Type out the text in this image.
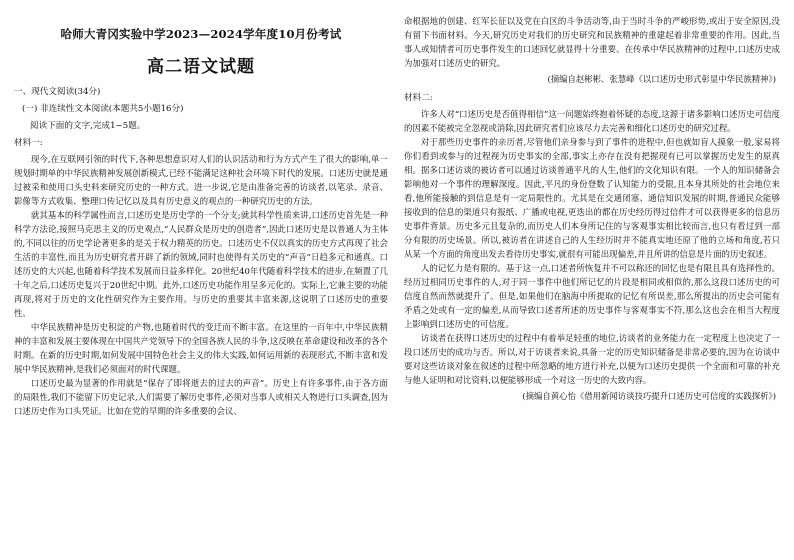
哈师大青冈实验中学2023—2024学年度10月份考试
高二语文试题
一、现代文阅读(34分)
(一) 非连续性文本阅读(本题共5小题16分)
阅读下面的文字,完成1~5题。
材料一:

现今,在互联网引领的时代下,各种思想意识对人们的认识活动和行为方式产生了很大的影响,单一规划时期单的中华民族精神发展创新模式,已经不能满足这种社会环境下时代的发展。口述历史就是通过被采和使用口头史料来研究历史的一种方式。进一步说,它是由准备完善的访谈者,以笔录、录音、影像等方式收集、整理口传记忆以及具有历史意义的观点的一种研究历史的方法。

就其基本的科学属性而言,口述历史是历史学的一个分支;就其科学性质来讲,口述历史首先是一种科学方法论,接照马克思主义的历史观点,“人民群众是历史的创造者”,因此口述历史是以普通人为主体的,不同以往的历史学论著更多的是关于权力精英的历史。口述历史不仅以真实的历史方式再现了社会生活的丰富性,而且为历史研究者开辟了新的领域,同时也使得有关历史的“声音”日趋多元和通真。口述历史的大兴起,也随着科学技术发展而日益多样化。20世纪40年代随着科学技术的进步,在频置了几十年之后,口述历史复兴于20世纪中期。此外,口述历史功能作用呈多元化的。实际上,它兼主要的功能再现,将对于历史的文化性研究作为主要作用。与历史的重要其丰富来源,这说明了口述历史的重要性。

中华民族精神是历史积淀的产物,也随着时代的变迁而不断丰富。在这里的一百年中,中华民族精神的丰富和发展主要体现在中国共产党领导下的全国各族人民的斗争,这反映在革命建设和改革的各个时期。在新的历史时期,如何发展中国特色社会主义的伟大实践,如何运用新的表现形式,不断丰富和发展中华民族精神,是我们必须面对的时代课题。

口述历史最为显著的作用就是“保存了即将逝去的过去的声音”。历史上有许多事件,由于各方面的局限性,我们不能留下历史记录,人们需要了解历史事件,必须对当事人或相关人物进行口头调查,因为口述历史作为口头凭证。比如在党的早期的许多重要的会议、

命根据地的创建、红军长征以及党在白区的斗争活动等,由于当时斗争的严峻形势,或出于安全原因,没有留下书面材料。今天,研究历史对我们的历史研究和民族精神的重建起着非常重要的作用。因此,当事人或知情者可历史事件发生的口述回忆就显得十分重要。在传承中华民族精神的过程中,口述历史成为加强对口述历史的研究。

(摘编自赵彬彬、张慧峰《以口述历史形式彰显中华民族精神》)
材料二:

许多人对“口述历史是否值得相信”这一问题始终抱着怀疑的态度,这源于诸多影响口述历史可信度的因素不能被完全忽视或消除,因此研究者们应该尽力去完善和细化口述历史的研究过程。

对于那些历史事件的亲历者,尽管他们亲身参与到了事件的进程中,但也就如盲人摸象一般,家易将你们看到或参与的过程视为历史事实的全部,事实上亦存在没有把握现有已可以掌握历史发生的原真相。据多口述访谈的被访者可以通过访谈普通平凡的人生,他们的文化知识有限。一个人的知识储备会影响他对一个事件的理解深度。因此,平凡的身份登数了认知能力的受限,且本身其所处的社会地位来看,他所能接触的到信息是有一定局限性的。尤其是在交通闭塞、通信知识发展的时期,普通民众能够接收到的信息的渠道只有报纸、广播或电视,更迭出的都在历史经历得过信件才可以获得更多的信息历史事件背景。历史多元且复杂的,而历史人们本身所记住的与客观事实相比较而言,也只有看过到一部分有限的历史场景。所以,被访者在讲述自己的人生经历时并不能真实地还原了他的立场和角度,若只从某一个方面的角度出发去看待历史事实,就很有可能出现偏差,并且所讲的信息是片面的历史叙述。

人的记忆力是有限的。基于这一点,口述者所恢复并不可以称还的回忆也是有限且具有选择性的。经历过相同历史事件的人,对于同一事件中他们所记忆的片段是相同或相似的,那么这段口述历史的可信度自然而然就提升了。但是,如果他们在脑海中所提取的记忆有所误差,那么所提出的历史会可能有矛盾之处或有一定的偏差,从而导致口述者所述的历史事件与客观事实不符,那么这也会在相当大程度上影响到口述历史的可信度。

访谈者在获得口述历史的过程中有着举足轻重的地位,访谈者的业务能力在一定程度上也决定了一段口述历史的成功与否。所以,对于访谈者来说,具备一定的历史知识储备是非常必要的,因为在访谈中要对这些访谈对象在叙述的过程中所忽略的地方进行补充,以便为口述历史提供一个全面和可靠的补充与他人证明和对比资料,以便能够形成一个对这一历史的大致内容。

(摘编自黄心怡《借用新闻访谈技巧提升口述历史可信度的实践探析》)
